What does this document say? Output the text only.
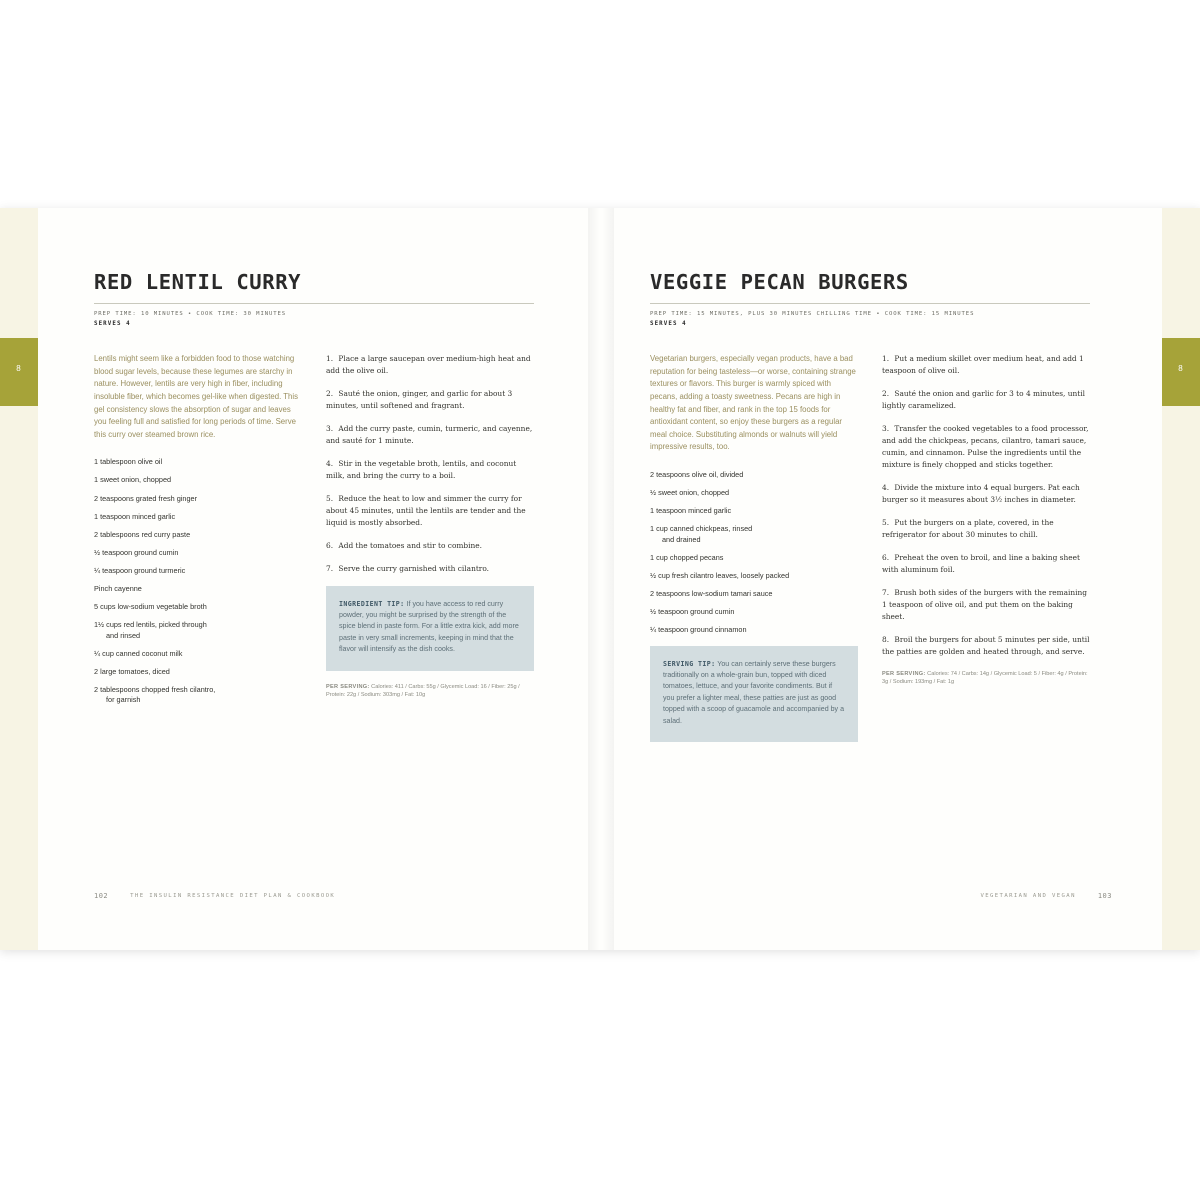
8	8
RED LENTIL CURRY
PREP TIME: 10 MINUTES • COOK TIME: 30 MINUTES
SERVES 4
Lentils might seem like a forbidden food to those watching blood sugar levels, because these legumes are starchy in nature. However, lentils are very high in fiber, including insoluble fiber, which becomes gel-like when digested. This gel consistency slows the absorption of sugar and leaves you feeling full and satisfied for long periods of time. Serve this curry over steamed brown rice.
1 tablespoon olive oil
1 sweet onion, chopped
2 teaspoons grated fresh ginger
1 teaspoon minced garlic
2 tablespoons red curry paste
½ teaspoon ground cumin
¼ teaspoon ground turmeric
Pinch cayenne
5 cups low-sodium vegetable broth
1½ cups red lentils, picked through
and rinsed
¼ cup canned coconut milk
2 large tomatoes, diced
2 tablespoons chopped fresh cilantro,
for garnish
1. Place a large saucepan over medium-high heat and add the olive oil.
2. Sauté the onion, ginger, and garlic for about 3 minutes, until softened and fragrant.
3. Add the curry paste, cumin, turmeric, and cayenne, and sauté for 1 minute.
4. Stir in the vegetable broth, lentils, and coconut milk, and bring the curry to a boil.
5. Reduce the heat to low and simmer the curry for about 45 minutes, until the lentils are tender and the liquid is mostly absorbed.
6. Add the tomatoes and stir to combine.
7. Serve the curry garnished with cilantro.
INGREDIENT TIP: If you have access to red curry powder, you might be surprised by the strength of the spice blend in paste form. For a little extra kick, add more paste in very small increments, keeping in mind that the flavor will intensify as the dish cooks.
PER SERVING: Calories: 411 / Carbs: 55g / Glycemic Load: 16 / Fiber: 25g / Protein: 22g / Sodium: 303mg / Fat: 10g
102	THE INSULIN RESISTANCE DIET PLAN & COOKBOOK
VEGGIE PECAN BURGERS
PREP TIME: 15 MINUTES, PLUS 30 MINUTES CHILLING TIME • COOK TIME: 15 MINUTES
SERVES 4
Vegetarian burgers, especially vegan products, have a bad reputation for being tasteless—or worse, containing strange textures or flavors. This burger is warmly spiced with pecans, adding a toasty sweetness. Pecans are high in healthy fat and fiber, and rank in the top 15 foods for antioxidant content, so enjoy these burgers as a regular meal choice. Substituting almonds or walnuts will yield impressive results, too.
2 teaspoons olive oil, divided
½ sweet onion, chopped
1 teaspoon minced garlic
1 cup canned chickpeas, rinsed
and drained
1 cup chopped pecans
½ cup fresh cilantro leaves, loosely packed
2 teaspoons low-sodium tamari sauce
½ teaspoon ground cumin
¼ teaspoon ground cinnamon
SERVING TIP: You can certainly serve these burgers traditionally on a whole-grain bun, topped with diced tomatoes, lettuce, and your favorite condiments. But if you prefer a lighter meal, these patties are just as good topped with a scoop of guacamole and accompanied by a salad.
1. Put a medium skillet over medium heat, and add 1 teaspoon of olive oil.
2. Sauté the onion and garlic for 3 to 4 minutes, until lightly caramelized.
3. Transfer the cooked vegetables to a food processor, and add the chickpeas, pecans, cilantro, tamari sauce, cumin, and cinnamon. Pulse the ingredients until the mixture is finely chopped and sticks together.
4. Divide the mixture into 4 equal burgers. Pat each burger so it measures about 3½ inches in diameter.
5. Put the burgers on a plate, covered, in the refrigerator for about 30 minutes to chill.
6. Preheat the oven to broil, and line a baking sheet with aluminum foil.
7. Brush both sides of the burgers with the remaining 1 teaspoon of olive oil, and put them on the baking sheet.
8. Broil the burgers for about 5 minutes per side, until the patties are golden and heated through, and serve.
PER SERVING: Calories: 74 / Carbs: 14g / Glycemic Load: 5 / Fiber: 4g / Protein: 3g / Sodium: 193mg / Fat: 1g
VEGETARIAN AND VEGAN	103
